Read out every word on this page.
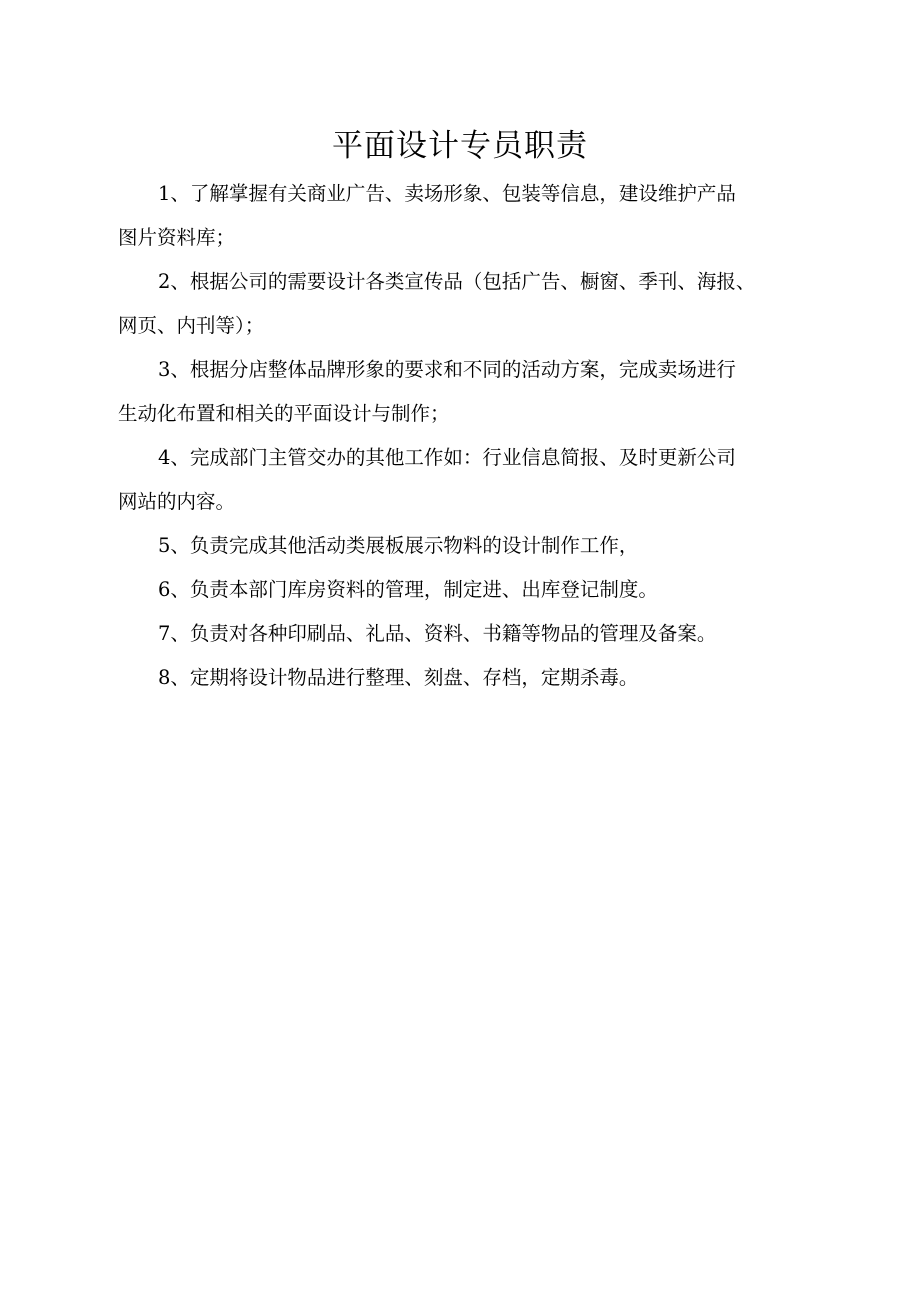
平面设计专员职责

1、了解掌握有关商业广告、卖场形象、包装等信息，建设维护产品
图片资料库；

2、根据公司的需要设计各类宣传品（包括广告、橱窗、季刊、海报、
网页、内刊等）；

3、根据分店整体品牌形象的要求和不同的活动方案，完成卖场进行
生动化布置和相关的平面设计与制作；

4、完成部门主管交办的其他工作如：行业信息简报、及时更新公司
网站的内容。

5、负责完成其他活动类展板展示物料的设计制作工作，

6、负责本部门库房资料的管理，制定进、出库登记制度。

7、负责对各种印刷品、礼品、资料、书籍等物品的管理及备案。

8、定期将设计物品进行整理、刻盘、存档，定期杀毒。
